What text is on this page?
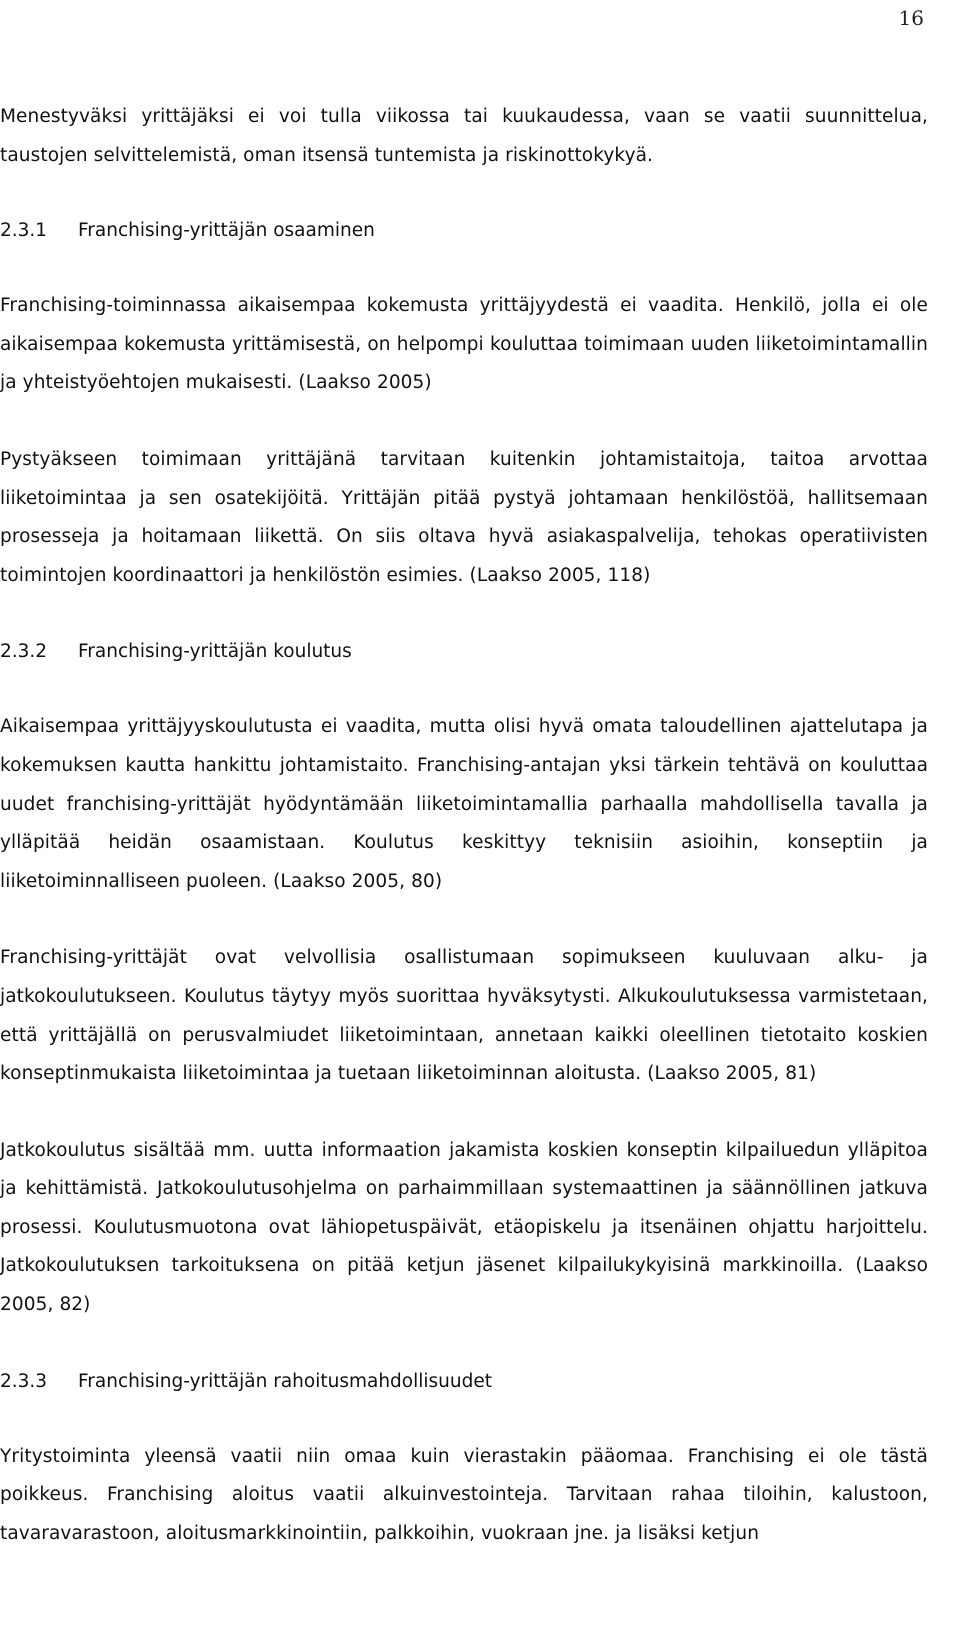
16

Menestyväksi yrittäjäksi ei voi tulla viikossa tai kuukaudessa, vaan se vaatii suunnittelua, taustojen selvittelemistä, oman itsensä tuntemista ja riskinottokykyä.

2.3.1	Franchising-yrittäjän osaaminen

Franchising-toiminnassa aikaisempaa kokemusta yrittäjyydestä ei vaadita. Henkilö, jolla ei ole aikaisempaa kokemusta yrittämisestä, on helpompi kouluttaa toimimaan uuden liiketoimintamallin ja yhteistyöehtojen mukaisesti. (Laakso 2005)

Pystyäkseen toimimaan yrittäjänä tarvitaan kuitenkin johtamistaitoja, taitoa arvottaa liiketoimintaa ja sen osatekijöitä. Yrittäjän pitää pystyä johtamaan henkilöstöä, hallitsemaan prosesseja ja hoitamaan liikettä. On siis oltava hyvä asiakaspalvelija, tehokas operatiivisten toimintojen koordinaattori ja henkilöstön esimies. (Laakso 2005, 118)

2.3.2	Franchising-yrittäjän koulutus

Aikaisempaa yrittäjyyskoulutusta ei vaadita, mutta olisi hyvä omata taloudellinen ajattelutapa ja kokemuksen kautta hankittu johtamistaito. Franchising-antajan yksi tärkein tehtävä on kouluttaa uudet franchising-yrittäjät hyödyntämään liiketoimintamallia parhaalla mahdollisella tavalla ja ylläpitää heidän osaamistaan. Koulutus keskittyy teknisiin asioihin, konseptiin ja liiketoiminnalliseen puoleen. (Laakso 2005, 80)

Franchising-yrittäjät ovat velvollisia osallistumaan sopimukseen kuuluvaan alku- ja jatkokoulutukseen. Koulutus täytyy myös suorittaa hyväksytysti. Alkukoulutuksessa varmistetaan, että yrittäjällä on perusvalmiudet liiketoimintaan, annetaan kaikki oleellinen tietotaito koskien konseptinmukaista liiketoimintaa ja tuetaan liiketoiminnan aloitusta. (Laakso 2005, 81)

Jatkokoulutus sisältää mm. uutta informaation jakamista koskien konseptin kilpailuedun ylläpitoa ja kehittämistä. Jatkokoulutusohjelma on parhaimmillaan systemaattinen ja säännöllinen jatkuva prosessi. Koulutusmuotona ovat lähiopetuspäivät, etäopiskelu ja itsenäinen ohjattu harjoittelu. Jatkokoulutuksen tarkoituksena on pitää ketjun jäsenet kilpailukykyisinä markkinoilla. (Laakso 2005, 82)

2.3.3	Franchising-yrittäjän rahoitusmahdollisuudet

Yritystoiminta yleensä vaatii niin omaa kuin vierastakin pääomaa. Franchising ei ole tästä poikkeus. Franchising aloitus vaatii alkuinvestointeja. Tarvitaan rahaa tiloihin, kalustoon, tavaravarastoon, aloitusmarkkinointiin, palkkoihin, vuokraan jne. ja lisäksi ketjun
